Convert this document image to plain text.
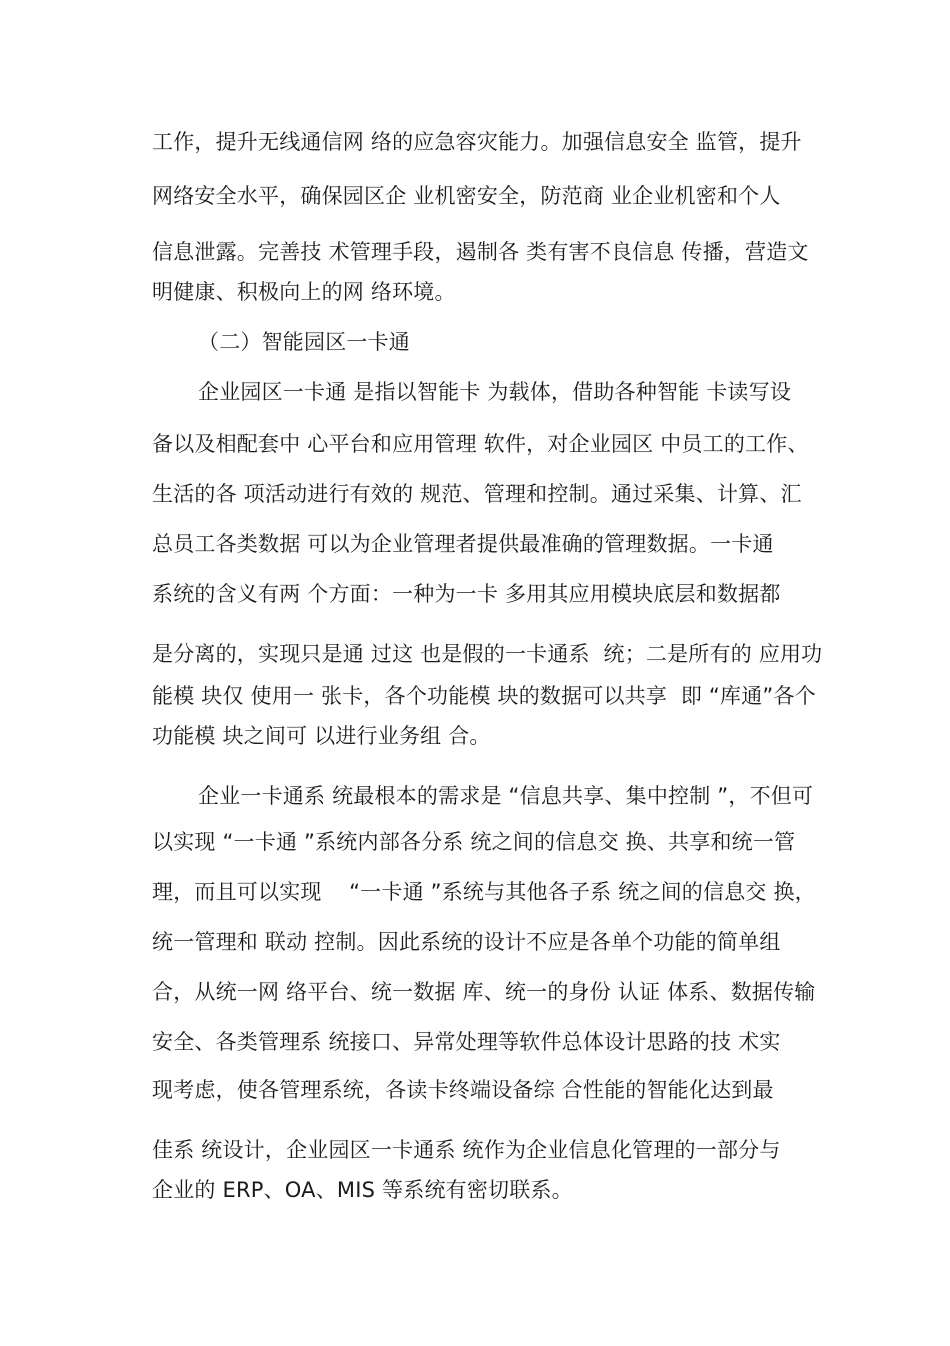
工作，提升无线通信网 络的应急容灾能力。加强信息安全 监管，提升
网络安全水平，确保园区企 业机密安全，防范商 业企业机密和个人
信息泄露。完善技 术管理手段，遏制各 类有害不良信息 传播，营造文
明健康、积极向上的网 络环境。
（二）智能园区一卡通
企业园区一卡通 是指以智能卡 为载体，借助各种智能 卡读写设
备以及相配套中 心平台和应用管理 软件，对企业园区 中员工的工作、
生活的各 项活动进行有效的 规范、管理和控制。通过采集、计算、汇
总员工各类数据 可以为企业管理者提供最准确的管理数据。一卡通
系统的含义有两 个方面：一种为一卡 多用其应用模块底层和数据都
是分离的，实现只是通 过这 也是假的一卡通系  统；二是所有的 应用功
能模 块仅 使用一 张卡，各个功能模 块的数据可以共享  即 “库通”各个
功能模 块之间可 以进行业务组 合。
企业一卡通系 统最根本的需求是 “信息共享、集中控制 ”，不但可
以实现 “一卡通 ”系统内部各分系 统之间的信息交 换、共享和统一管
理，而且可以实现    “一卡通 ”系统与其他各子系 统之间的信息交 换，
统一管理和 联动 控制。因此系统的设计不应是各单个功能的简单组
合，从统一网 络平台、统一数据 库、统一的身份 认证 体系、数据传输
安全、各类管理系 统接口、异常处理等软件总体设计思路的技 术实
现考虑，使各管理系统，各读卡终端设备综 合性能的智能化达到最
佳系 统设计，企业园区一卡通系 统作为企业信息化管理的一部分与
企业的 ERP、OA、MIS 等系统有密切联系。
